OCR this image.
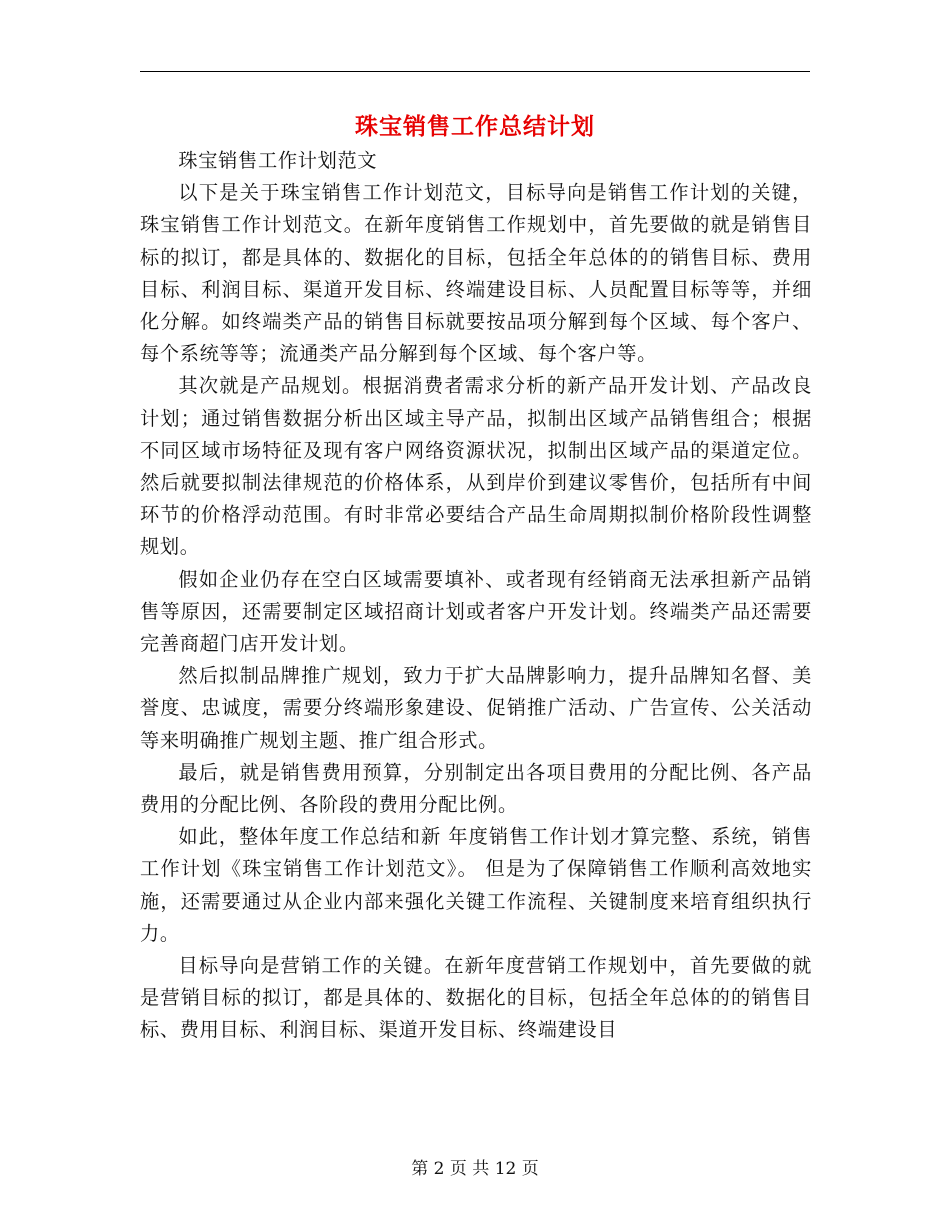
珠宝销售工作总结计划

珠宝销售工作计划范文

以下是关于珠宝销售工作计划范文，目标导向是销售工作计划的关键，珠宝销售工作计划范文。在新年度销售工作规划中，首先要做的就是销售目标的拟订，都是具体的、数据化的目标，包括全年总体的的销售目标、费用目标、利润目标、渠道开发目标、终端建设目标、人员配置目标等等，并细化分解。如终端类产品的销售目标就要按品项分解到每个区域、每个客户、每个系统等等；流通类产品分解到每个区域、每个客户等。

其次就是产品规划。根据消费者需求分析的新产品开发计划、产品改良计划；通过销售数据分析出区域主导产品，拟制出区域产品销售组合；根据不同区域市场特征及现有客户网络资源状况，拟制出区域产品的渠道定位。然后就要拟制法律规范的价格体系，从到岸价到建议零售价，包括所有中间环节的价格浮动范围。有时非常必要结合产品生命周期拟制价格阶段性调整规划。

假如企业仍存在空白区域需要填补、或者现有经销商无法承担新产品销售等原因，还需要制定区域招商计划或者客户开发计划。终端类产品还需要完善商超门店开发计划。

然后拟制品牌推广规划，致力于扩大品牌影响力，提升品牌知名督、美誉度、忠诚度，需要分终端形象建设、促销推广活动、广告宣传、公关活动等来明确推广规划主题、推广组合形式。

最后，就是销售费用预算，分别制定出各项目费用的分配比例、各产品费用的分配比例、各阶段的费用分配比例。

如此，整体年度工作总结和新 年度销售工作计划才算完整、系统，销售工作计划《珠宝销售工作计划范文》。 但是为了保障销售工作顺利高效地实施，还需要通过从企业内部来强化关键工作流程、关键制度来培育组织执行力。

目标导向是营销工作的关键。在新年度营销工作规划中，首先要做的就是营销目标的拟订，都是具体的、数据化的目标，包括全年总体的的销售目标、费用目标、利润目标、渠道开发目标、终端建设目

第 2 页 共 12 页
